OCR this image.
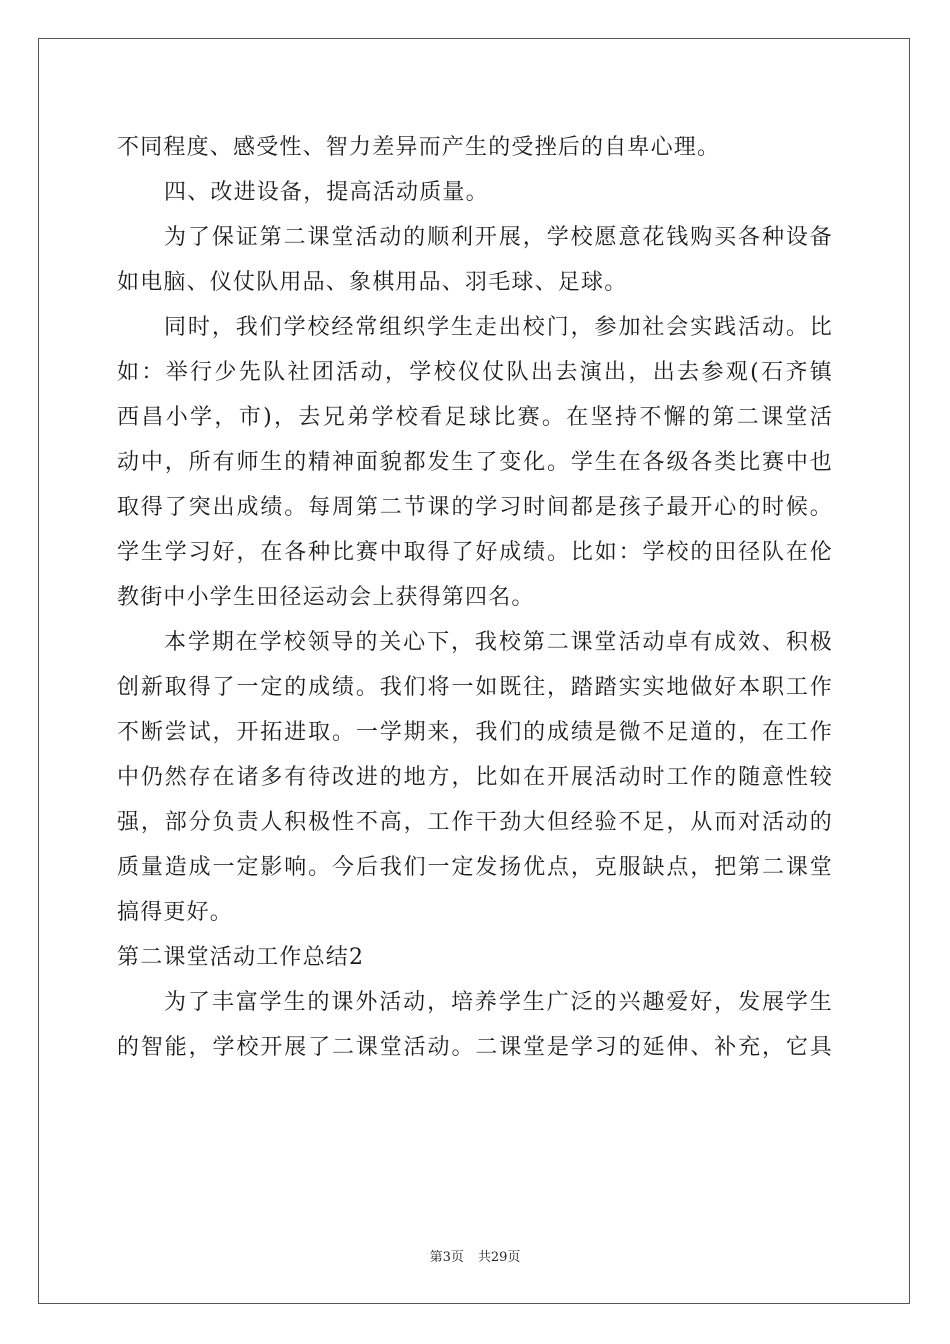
不同程度、感受性、智力差异而产生的受挫后的自卑心理。
四、改进设备，提高活动质量。
为了保证第二课堂活动的顺利开展，学校愿意花钱购买各种设备
如电脑、仪仗队用品、象棋用品、羽毛球、足球。
同时，我们学校经常组织学生走出校门，参加社会实践活动。比
如：举行少先队社团活动，学校仪仗队出去演出，出去参观(石齐镇
西昌小学，市)，去兄弟学校看足球比赛。在坚持不懈的第二课堂活
动中，所有师生的精神面貌都发生了变化。学生在各级各类比赛中也
取得了突出成绩。每周第二节课的学习时间都是孩子最开心的时候。
学生学习好，在各种比赛中取得了好成绩。比如：学校的田径队在伦
教街中小学生田径运动会上获得第四名。
本学期在学校领导的关心下，我校第二课堂活动卓有成效、积极
创新取得了一定的成绩。我们将一如既往，踏踏实实地做好本职工作
不断尝试，开拓进取。一学期来，我们的成绩是微不足道的，在工作
中仍然存在诸多有待改进的地方，比如在开展活动时工作的随意性较
强，部分负责人积极性不高，工作干劲大但经验不足，从而对活动的
质量造成一定影响。今后我们一定发扬优点，克服缺点，把第二课堂
搞得更好。
第二课堂活动工作总结2
为了丰富学生的课外活动，培养学生广泛的兴趣爱好，发展学生
的智能，学校开展了二课堂活动。二课堂是学习的延伸、补充，它具
第3页 共29页
